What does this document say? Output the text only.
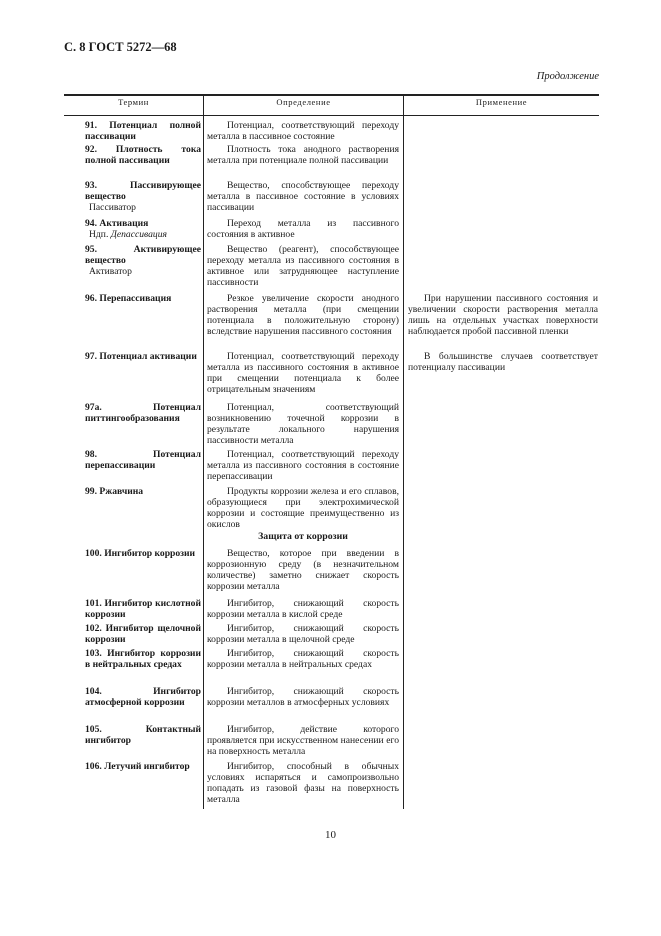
С. 8 ГОСТ 5272—68
Продолжение
Термин	Определение	Применение
91. Потенциал полной пассивации
92. Плотность тока полной пассивации
93. Пассивирующее вещество
Пассиватор
94. Активация
Ндп. Депассивация
95. Активирующее вещество
Активатор
96. Перепассивация
97. Потенциал активации
97а. Потенциал питтингообразования
98. Потенциал перепассивации
99. Ржавчина
100. Ингибитор коррозии
101. Ингибитор кислотной коррозии
102. Ингибитор щелочной коррозии
103. Ингибитор коррозии в нейтральных средах
104. Ингибитор атмосферной коррозии
105. Контактный ингибитор
106. Летучий ингибитор
Потенциал, соответствующий переходу металла в пассивное состояние
Плотность тока анодного растворения металла при потенциале полной пассивации
Вещество, способствующее переходу металла в пассивное состояние в условиях пассивации
Переход металла из пассивного состояния в активное
Вещество (реагент), способствующее переходу металла из пассивного состояния в активное или затрудняющее наступление пассивности
Резкое увеличение скорости анодного растворения металла (при смещении потенциала в положительную сторону) вследствие нарушения пассивного состояния
Потенциал, соответствующий переходу металла из пассивного состояния в активное при смещении потенциала к более отрицательным значениям
Потенциал, соответствующий возникновению точечной коррозии в результате локального нарушения пассивности металла
Потенциал, соответствующий переходу металла из пассивного состояния в состояние перепассивации
Продукты коррозии железа и его сплавов, образующиеся при электрохимической коррозии и состоящие преимущественно из окислов
Защита от коррозии
Вещество, которое при введении в коррозионную среду (в незначительном количестве) заметно снижает скорость коррозии металла
Ингибитор, снижающий скорость коррозии металла в кислой среде
Ингибитор, снижающий скорость коррозии металла в щелочной среде
Ингибитор, снижающий скорость коррозии металла в нейтральных средах
Ингибитор, снижающий скорость коррозии металлов в атмосферных условиях
Ингибитор, действие которого проявляется при искусственном нанесении его на поверхность металла
Ингибитор, способный в обычных условиях испаряться и самопроизвольно попадать из газовой фазы на поверхность металла
При нарушении пассивного состояния и увеличении скорости растворения металла лишь на отдельных участках поверхности наблюдается пробой пассивной пленки
В большинстве случаев соответствует потенциалу пассивации
10
